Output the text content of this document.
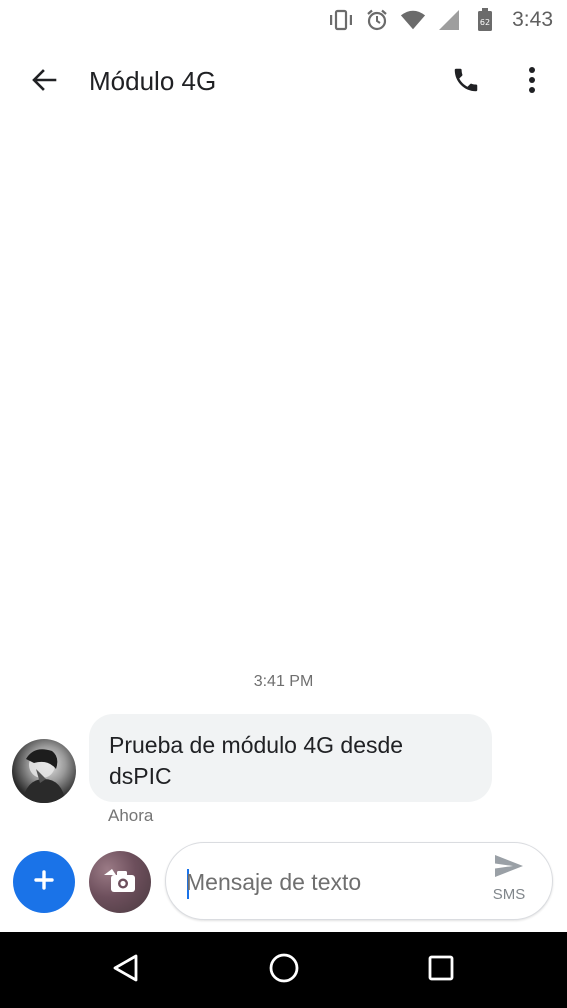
62 3:43
Módulo 4G
3:41 PM
Prueba de módulo 4G desde dsPIC
Ahora
Mensaje de texto
SMS
